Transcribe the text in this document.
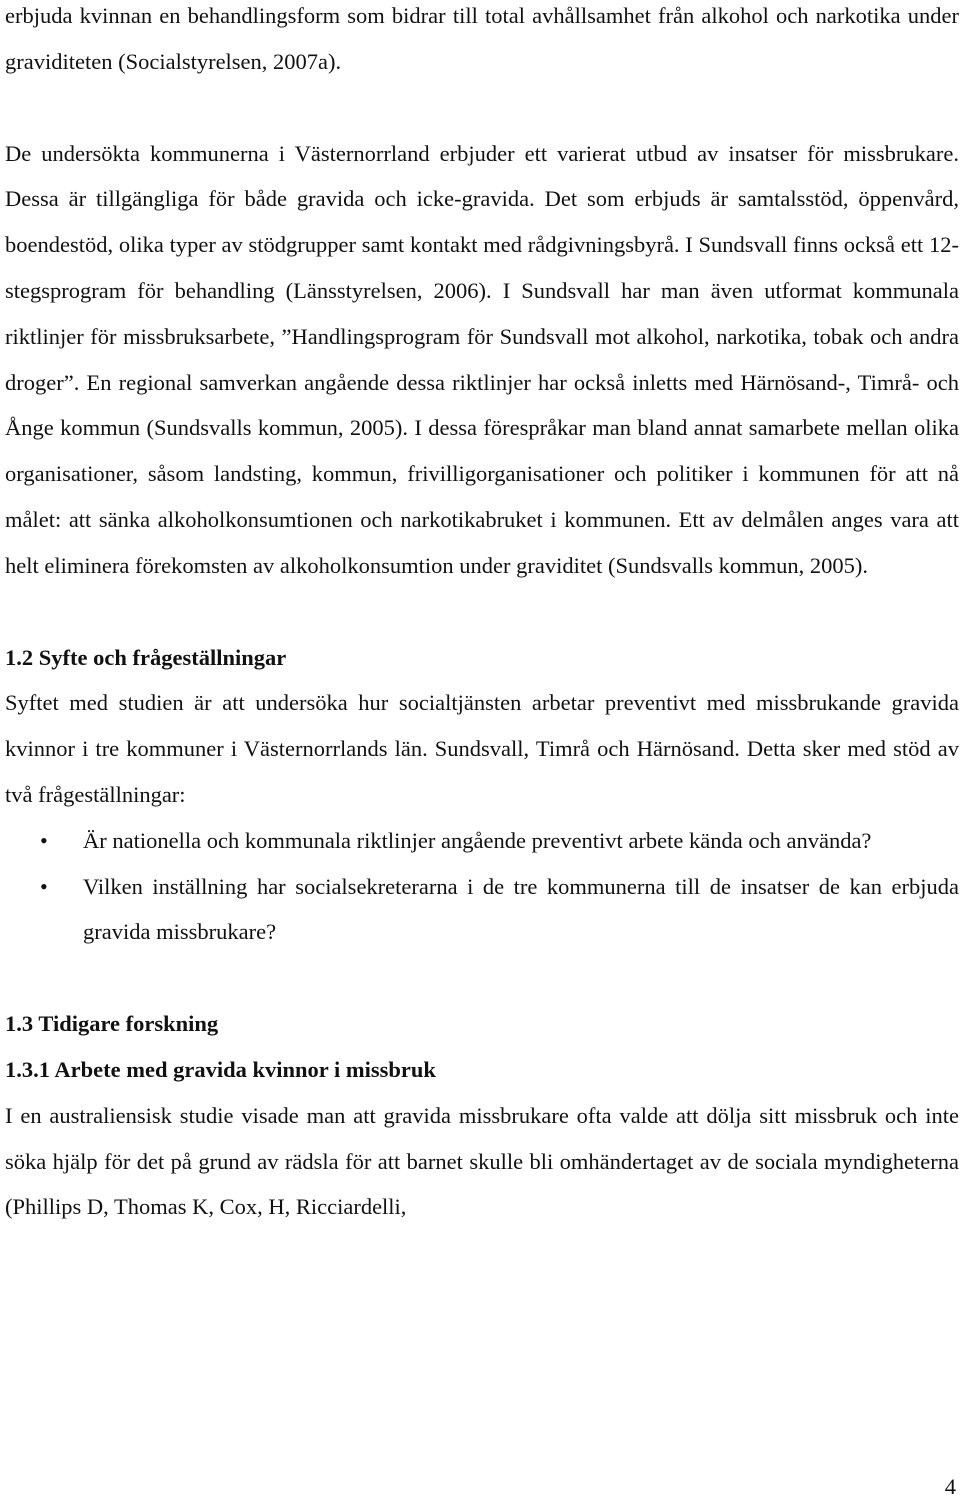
erbjuda kvinnan en behandlingsform som bidrar till total avhållsamhet från alkohol och narkotika under graviditeten (Socialstyrelsen, 2007a).

De undersökta kommunerna i Västernorrland erbjuder ett varierat utbud av insatser för missbrukare. Dessa är tillgängliga för både gravida och icke-gravida. Det som erbjuds är samtalsstöd, öppenvård, boendestöd, olika typer av stödgrupper samt kontakt med rådgivningsbyrå. I Sundsvall finns också ett 12-stegsprogram för behandling (Länsstyrelsen, 2006). I Sundsvall har man även utformat kommunala riktlinjer för missbruksarbete, ”Handlingsprogram för Sundsvall mot alkohol, narkotika, tobak och andra droger”. En regional samverkan angående dessa riktlinjer har också inletts med Härnösand-, Timrå- och Ånge kommun (Sundsvalls kommun, 2005). I dessa förespråkar man bland annat samarbete mellan olika organisationer, såsom landsting, kommun, frivilligorganisationer och politiker i kommunen för att nå målet: att sänka alkoholkonsumtionen och narkotikabruket i kommunen. Ett av delmålen anges vara att helt eliminera förekomsten av alkoholkonsumtion under graviditet (Sundsvalls kommun, 2005).

1.2 Syfte och frågeställningar

Syftet med studien är att undersöka hur socialtjänsten arbetar preventivt med missbrukande gravida kvinnor i tre kommuner i Västernorrlands län. Sundsvall, Timrå och Härnösand. Detta sker med stöd av två frågeställningar:

• Är nationella och kommunala riktlinjer angående preventivt arbete kända och använda?
• Vilken inställning har socialsekreterarna i de tre kommunerna till de insatser de kan erbjuda gravida missbrukare?
1.3 Tidigare forskning
1.3.1 Arbete med gravida kvinnor i missbruk

I en australiensisk studie visade man att gravida missbrukare ofta valde att dölja sitt missbruk och inte söka hjälp för det på grund av rädsla för att barnet skulle bli omhändertaget av de sociala myndigheterna (Phillips D, Thomas K, Cox, H, Ricciardelli,

4
